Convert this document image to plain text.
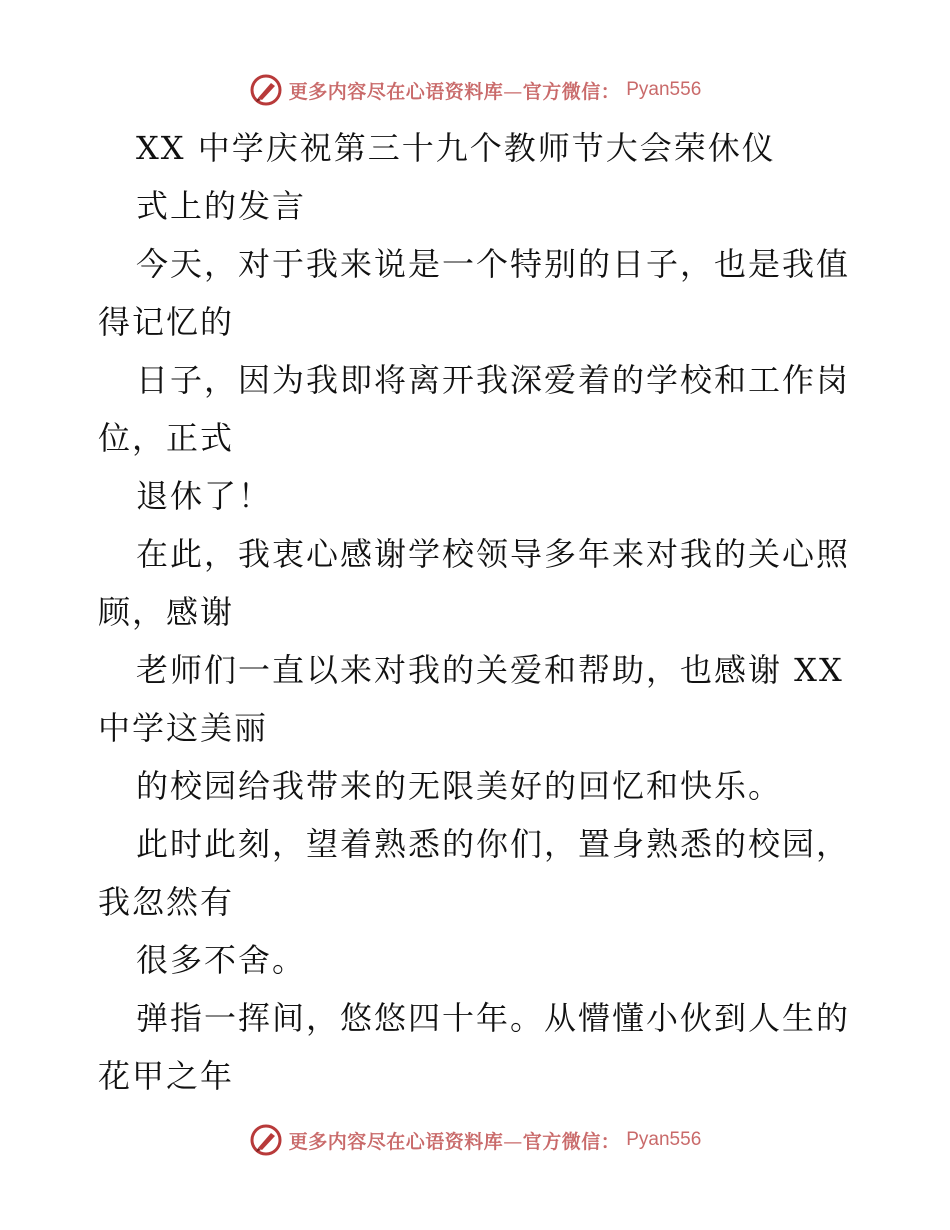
更多内容尽在心语资料库—官方微信： Pyan556
XX 中学庆祝第三十九个教师节大会荣休仪
式上的发言
今天，对于我来说是一个特别的日子，也是我值
得记忆的
日子，因为我即将离开我深爱着的学校和工作岗
位，正式
退休了！
在此，我衷心感谢学校领导多年来对我的关心照
顾，感谢
老师们一直以来对我的关爱和帮助，也感谢 XX
中学这美丽
的校园给我带来的无限美好的回忆和快乐。
此时此刻，望着熟悉的你们，置身熟悉的校园，
我忽然有
很多不舍。
弹指一挥间，悠悠四十年。从懵懂小伙到人生的
花甲之年
更多内容尽在心语资料库—官方微信： Pyan556
